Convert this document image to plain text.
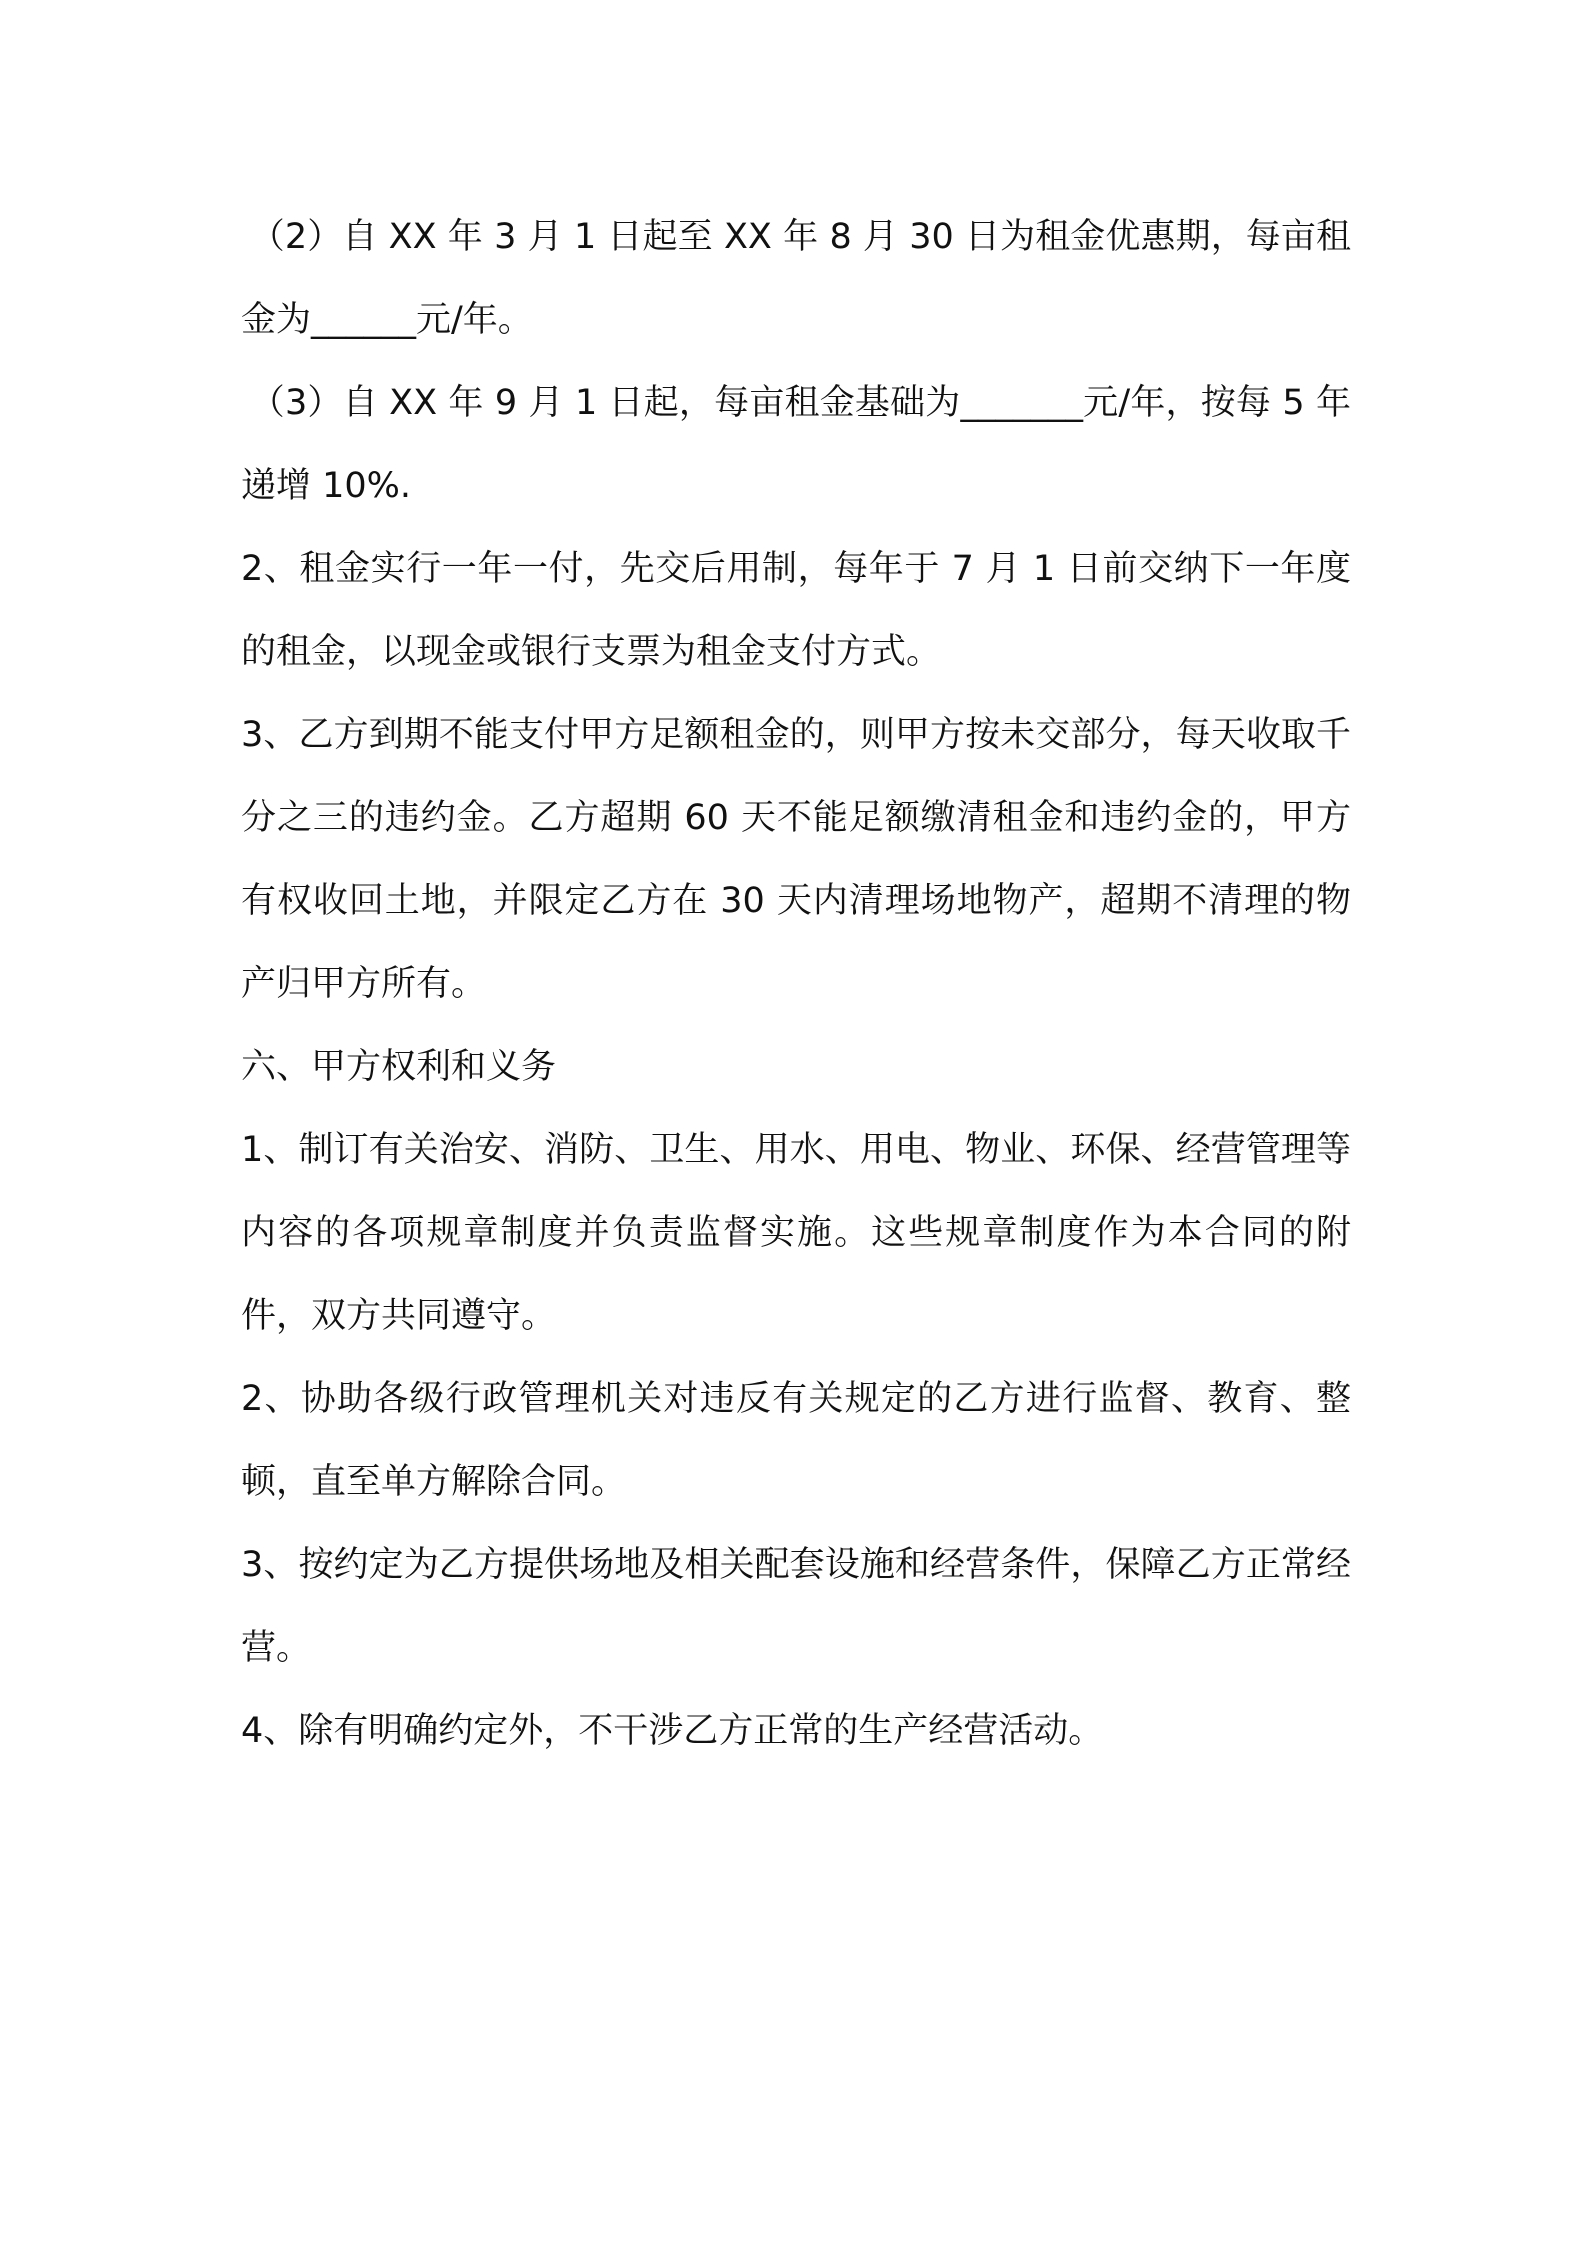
（2）自 XX 年 3 月 1 日起至 XX 年 8 月 30 日为租金优惠期，每亩租金为______元/年。

（3）自 XX 年 9 月 1 日起，每亩租金基础为_______元/年，按每 5 年递增 10%.

2、租金实行一年一付，先交后用制，每年于 7 月 1 日前交纳下一年度的租金，以现金或银行支票为租金支付方式。

3、乙方到期不能支付甲方足额租金的，则甲方按未交部分，每天收取千分之三的违约金。乙方超期 60 天不能足额缴清租金和违约金的，甲方有权收回土地，并限定乙方在 30 天内清理场地物产，超期不清理的物产归甲方所有。

六、甲方权利和义务

1、制订有关治安、消防、卫生、用水、用电、物业、环保、经营管理等内容的各项规章制度并负责监督实施。这些规章制度作为本合同的附件，双方共同遵守。

2、协助各级行政管理机关对违反有关规定的乙方进行监督、教育、整顿，直至单方解除合同。

3、按约定为乙方提供场地及相关配套设施和经营条件，保障乙方正常经营。

4、除有明确约定外，不干涉乙方正常的生产经营活动。
